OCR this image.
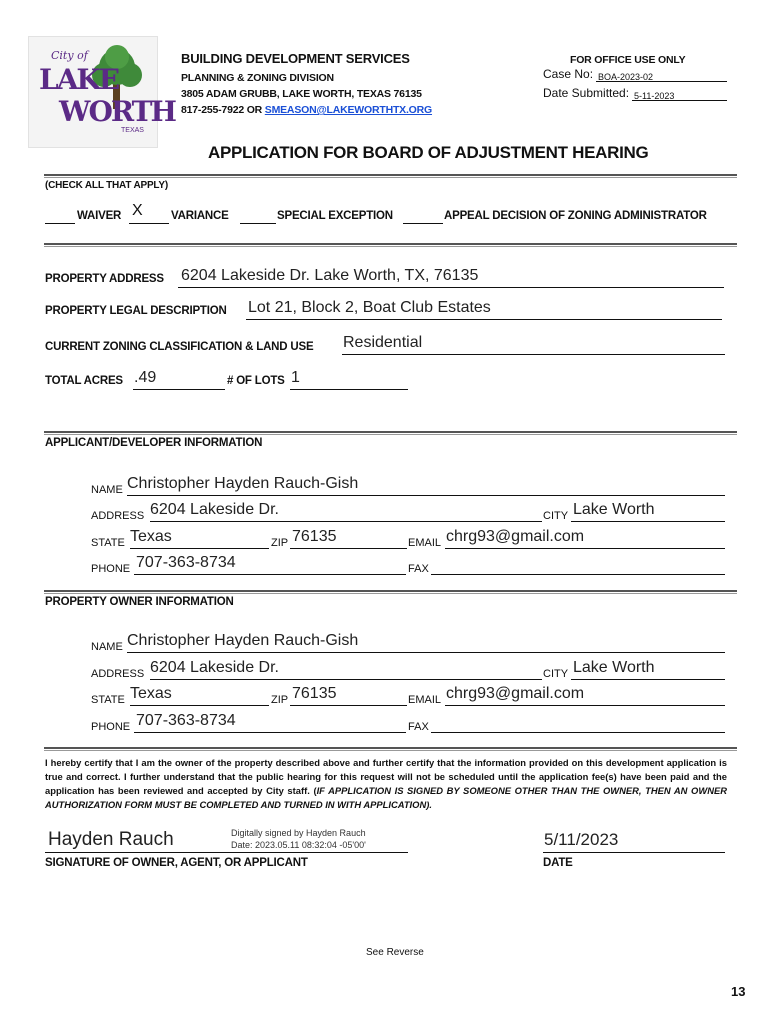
City of
LAKE
WORTH
TEXAS
BUILDING DEVELOPMENT SERVICES
PLANNING & ZONING DIVISION
3805 ADAM GRUBB, LAKE WORTH, TEXAS 76135
817-255-7922 OR SMEASON@LAKEWORTHTX.ORG
FOR OFFICE USE ONLY
Case No: BOA-2023-02
Date Submitted: 5-11-2023
APPLICATION FOR BOARD OF ADJUSTMENT HEARING
(CHECK ALL THAT APPLY)
WAIVER X VARIANCE	SPECIAL EXCEPTION	APPEAL DECISION OF ZONING ADMINISTRATOR
PROPERTY ADDRESS 6204 Lakeside Dr. Lake Worth, TX, 76135
PROPERTY LEGAL DESCRIPTION Lot 21, Block 2, Boat Club Estates
CURRENT ZONING CLASSIFICATION & LAND USE Residential
TOTAL ACRES .49	# OF LOTS 1
APPLICANT/DEVELOPER INFORMATION
NAME Christopher Hayden Rauch-Gish
ADDRESS 6204 Lakeside Dr.	CITY Lake Worth
STATE Texas	ZIP 76135	EMAIL chrg93@gmail.com
PHONE 707-363-8734	FAX
PROPERTY OWNER INFORMATION
NAME Christopher Hayden Rauch-Gish
ADDRESS 6204 Lakeside Dr.	CITY Lake Worth
STATE Texas	ZIP 76135	EMAIL chrg93@gmail.com
PHONE 707-363-8734	FAX
I hereby certify that I am the owner of the property described above and further certify that the information provided on this development application is true and correct. I further understand that the public hearing for this request will not be scheduled until the application fee(s) have been paid and the application has been reviewed and accepted by City staff. (IF APPLICATION IS SIGNED BY SOMEONE OTHER THAN THE OWNER, THEN AN OWNER AUTHORIZATION FORM MUST BE COMPLETED AND TURNED IN WITH APPLICATION).
Hayden Rauch	Digitally signed by Hayden Rauch
Date: 2023.05.11 08:32:04 -05'00'
SIGNATURE OF OWNER, AGENT, OR APPLICANT
5/11/2023
DATE
See Reverse
13
